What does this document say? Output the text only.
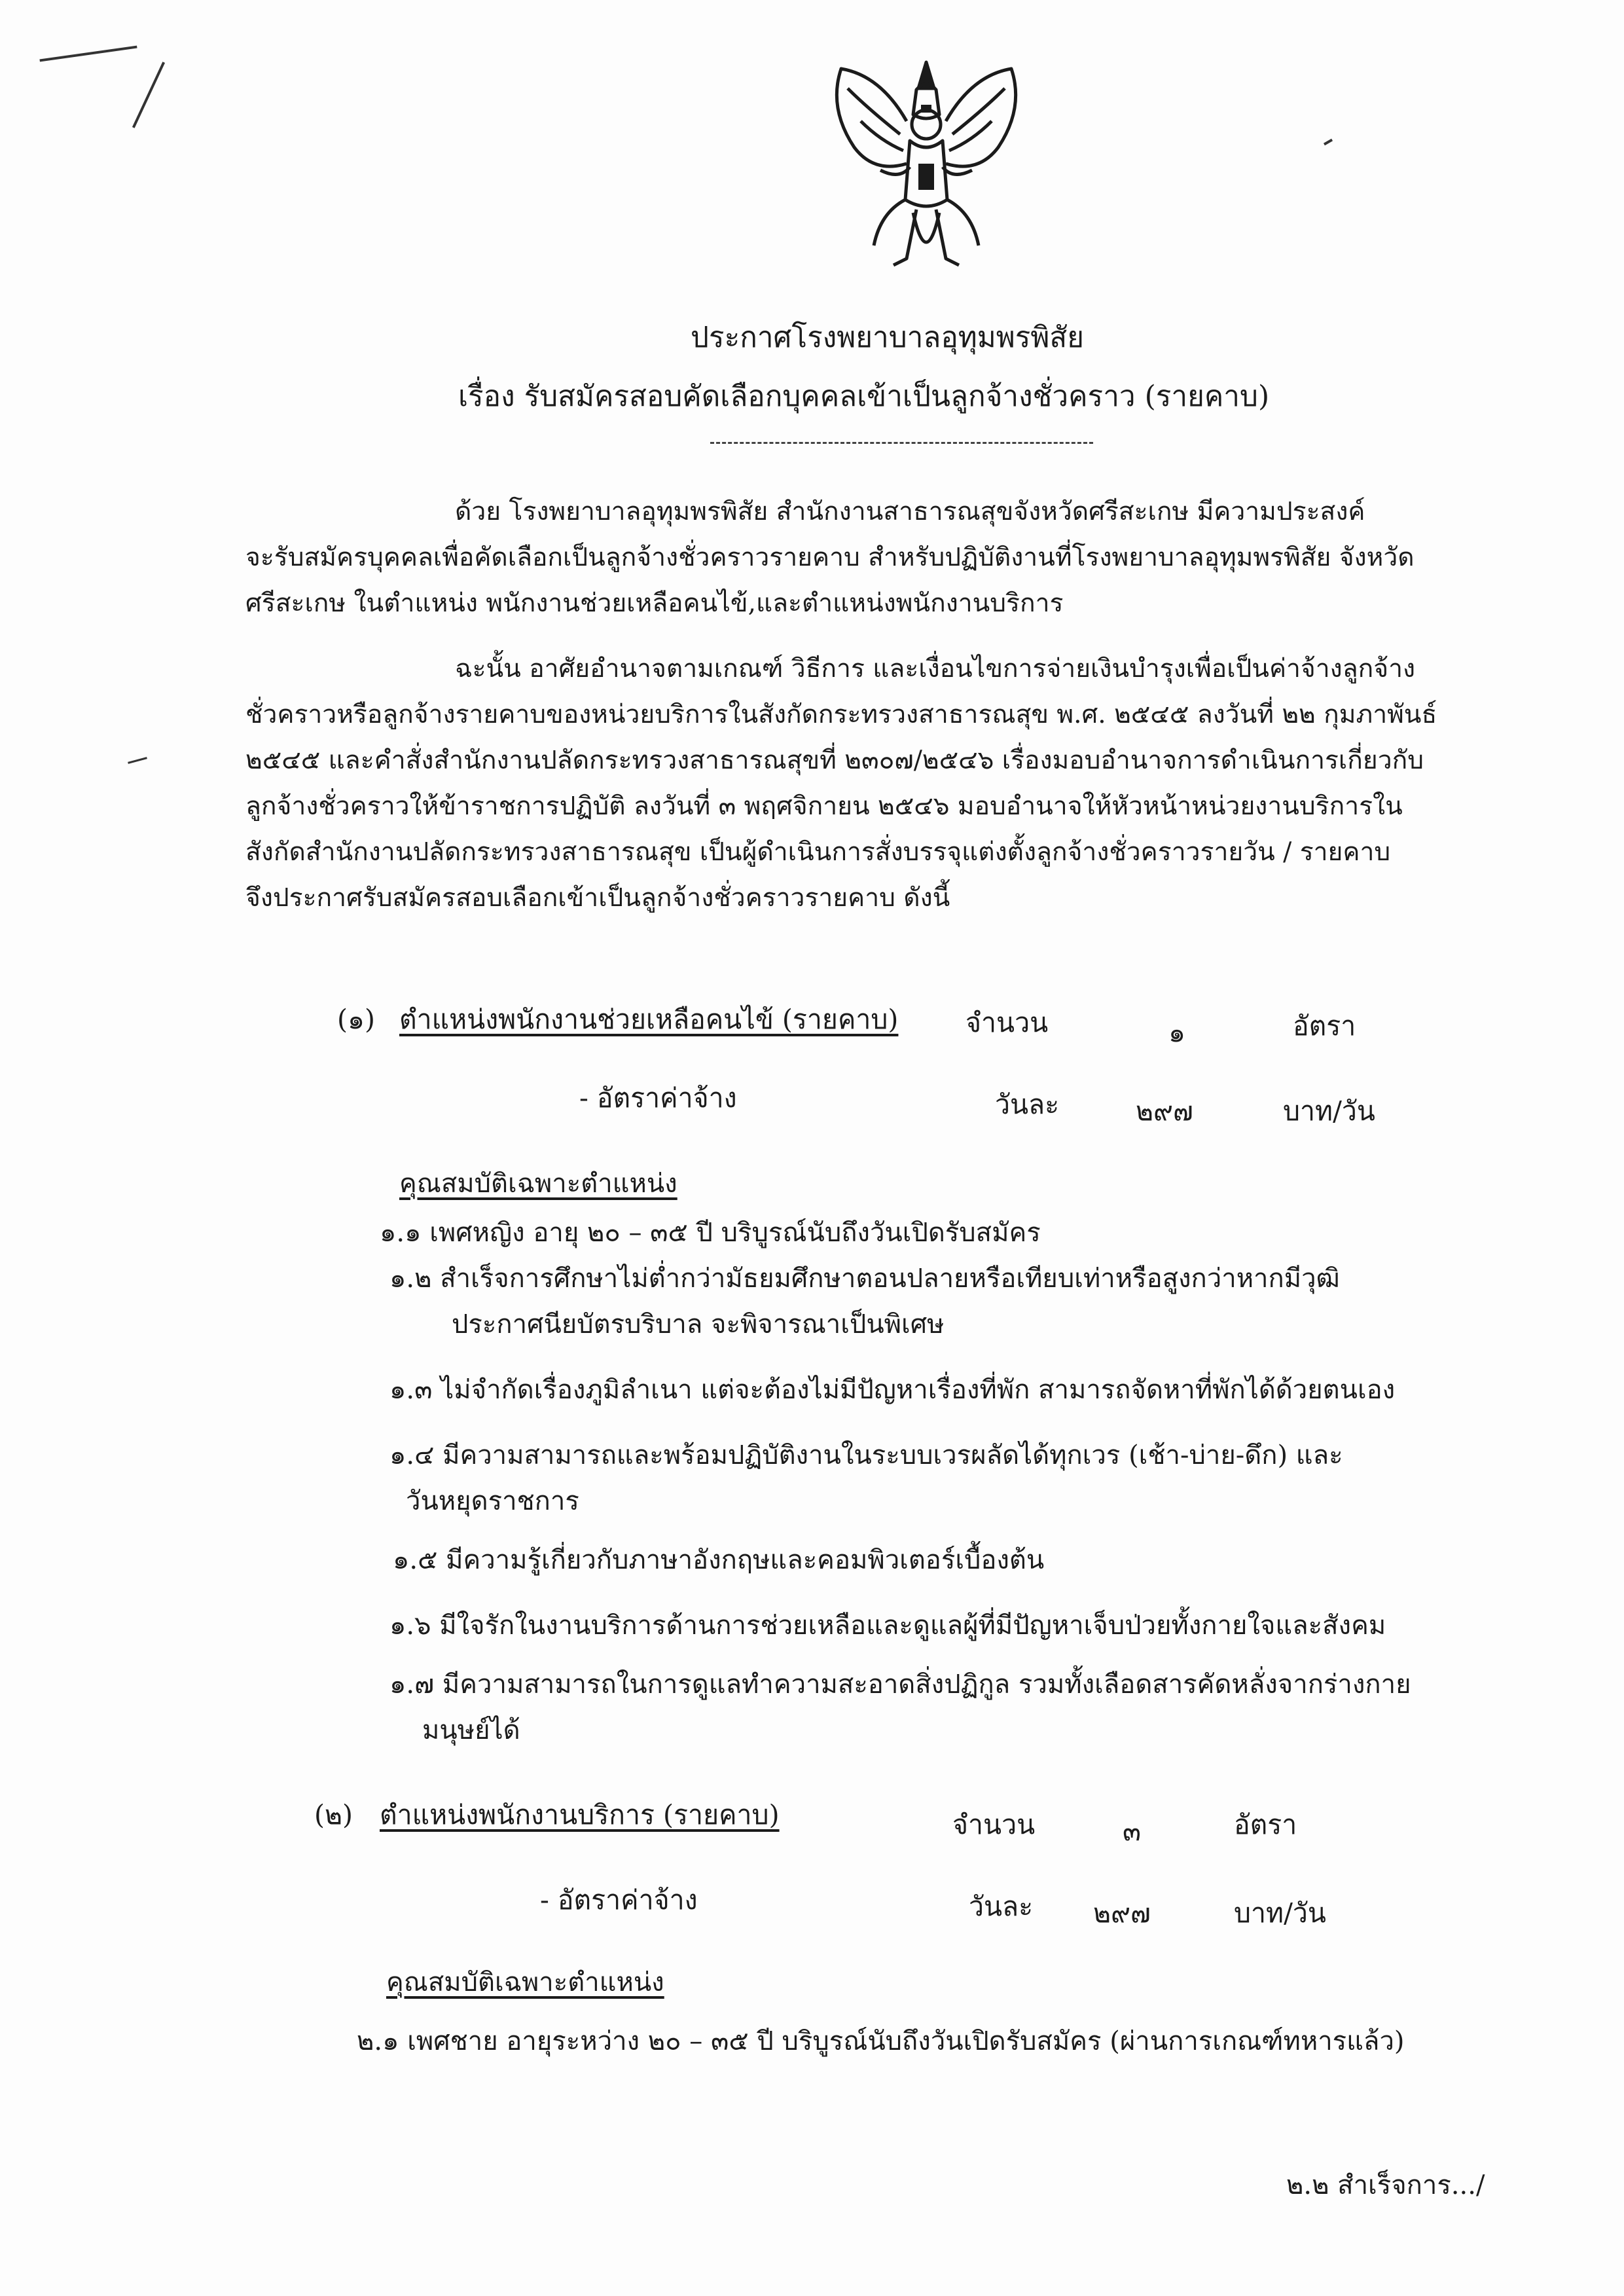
ประกาศโรงพยาบาลอุทุมพรพิสัย
เรื่อง รับสมัครสอบคัดเลือกบุคคลเข้าเป็นลูกจ้างชั่วคราว (รายคาบ)
ด้วย โรงพยาบาลอุทุมพรพิสัย สำนักงานสาธารณสุขจังหวัดศรีสะเกษ มีความประสงค์
จะรับสมัครบุคคลเพื่อคัดเลือกเป็นลูกจ้างชั่วคราวรายคาบ สำหรับปฏิบัติงานที่โรงพยาบาลอุทุมพรพิสัย จังหวัด
ศรีสะเกษ ในตำแหน่ง พนักงานช่วยเหลือคนไข้,และตำแหน่งพนักงานบริการ
ฉะนั้น อาศัยอำนาจตามเกณฑ์ วิธีการ และเงื่อนไขการจ่ายเงินบำรุงเพื่อเป็นค่าจ้างลูกจ้าง
ชั่วคราวหรือลูกจ้างรายคาบของหน่วยบริการในสังกัดกระทรวงสาธารณสุข พ.ศ. ๒๕๔๕ ลงวันที่ ๒๒ กุมภาพันธ์
๒๕๔๕ และคำสั่งสำนักงานปลัดกระทรวงสาธารณสุขที่ ๒๓๐๗/๒๕๔๖ เรื่องมอบอำนาจการดำเนินการเกี่ยวกับ
ลูกจ้างชั่วคราวให้ข้าราชการปฏิบัติ ลงวันที่ ๓ พฤศจิกายน ๒๕๔๖ มอบอำนาจให้หัวหน้าหน่วยงานบริการใน
สังกัดสำนักงานปลัดกระทรวงสาธารณสุข เป็นผู้ดำเนินการสั่งบรรจุแต่งตั้งลูกจ้างชั่วคราวรายวัน / รายคาบ
จึงประกาศรับสมัครสอบเลือกเข้าเป็นลูกจ้างชั่วคราวรายคาบ ดังนี้
(๑) ตำแหน่งพนักงานช่วยเหลือคนไข้ (รายคาบ)	จำนวน	๑	อัตรา
- อัตราค่าจ้าง	วันละ	๒๙๗	บาท/วัน
คุณสมบัติเฉพาะตำแหน่ง
๑.๑ เพศหญิง อายุ ๒๐ – ๓๕ ปี บริบูรณ์นับถึงวันเปิดรับสมัคร
๑.๒ สำเร็จการศึกษาไม่ต่ำกว่ามัธยมศึกษาตอนปลายหรือเทียบเท่าหรือสูงกว่าหากมีวุฒิ
ประกาศนียบัตรบริบาล จะพิจารณาเป็นพิเศษ
๑.๓ ไม่จำกัดเรื่องภูมิลำเนา แต่จะต้องไม่มีปัญหาเรื่องที่พัก สามารถจัดหาที่พักได้ด้วยตนเอง
๑.๔ มีความสามารถและพร้อมปฏิบัติงานในระบบเวรผลัดได้ทุกเวร (เช้า-บ่าย-ดึก) และ
วันหยุดราชการ
๑.๕ มีความรู้เกี่ยวกับภาษาอังกฤษและคอมพิวเตอร์เบื้องต้น
๑.๖ มีใจรักในงานบริการด้านการช่วยเหลือและดูแลผู้ที่มีปัญหาเจ็บป่วยทั้งกายใจและสังคม
๑.๗ มีความสามารถในการดูแลทำความสะอาดสิ่งปฏิกูล รวมทั้งเลือดสารคัดหลั่งจากร่างกาย
มนุษย์ได้
(๒) ตำแหน่งพนักงานบริการ (รายคาบ)	จำนวน	๓	อัตรา
- อัตราค่าจ้าง	วันละ ๒๙๗	บาท/วัน
คุณสมบัติเฉพาะตำแหน่ง
๒.๑ เพศชาย อายุระหว่าง ๒๐ – ๓๕ ปี บริบูรณ์นับถึงวันเปิดรับสมัคร (ผ่านการเกณฑ์ทหารแล้ว)
๒.๒ สำเร็จการ.../
